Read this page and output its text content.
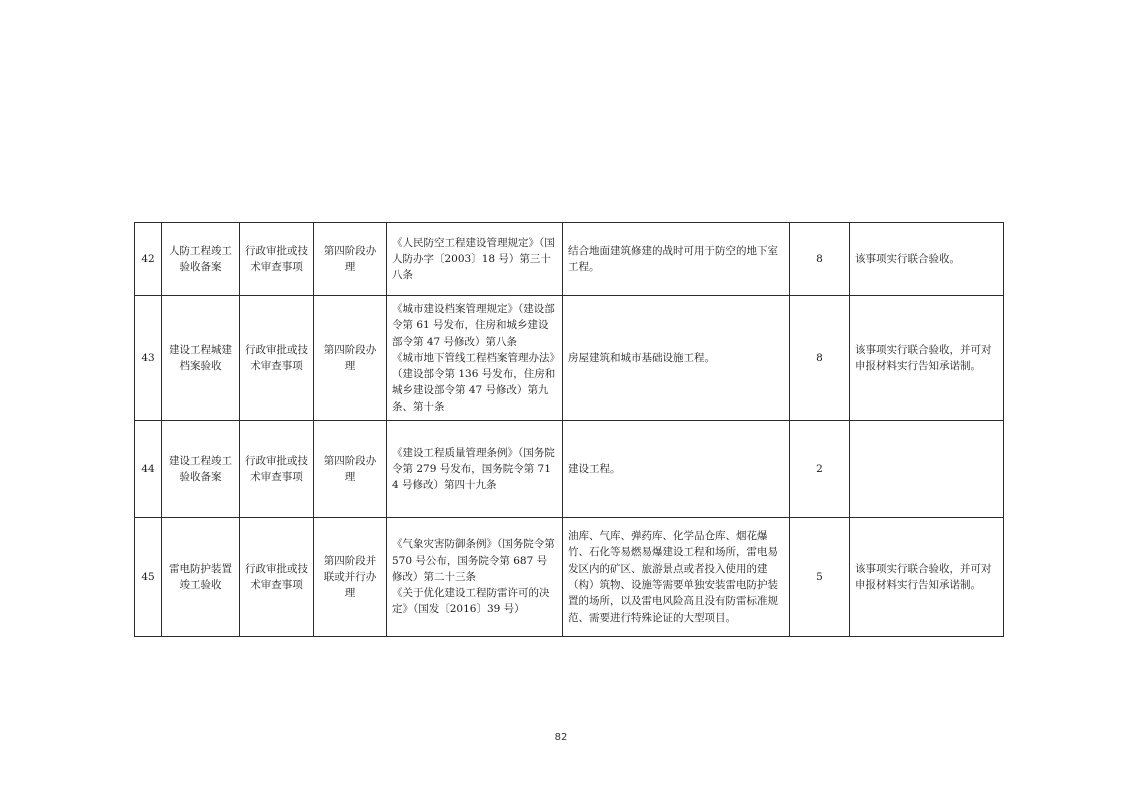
42	人防工程竣工验收备案	行政审批或技术审查事项	第四阶段办理	《人民防空工程建设管理规定》（国人防办字〔2003〕18 号）第三十八条	结合地面建筑修建的战时可用于防空的地下室工程。	8	该事项实行联合验收。
43	建设工程城建档案验收	行政审批或技术审查事项	第四阶段办理	《城市建设档案管理规定》（建设部令第 61 号发布，住房和城乡建设部令第 47 号修改）第八条
《城市地下管线工程档案管理办法》（建设部令第 136 号发布，住房和城乡建设部令第 47 号修改）第九条、第十条	房屋建筑和城市基础设施工程。	8	该事项实行联合验收，并可对申报材料实行告知承诺制。
44	建设工程竣工验收备案	行政审批或技术审查事项	第四阶段办理	《建设工程质量管理条例》（国务院令第 279 号发布，国务院令第 714 号修改）第四十九条	建设工程。	2	
45	雷电防护装置竣工验收	行政审批或技术审查事项	第四阶段并联或并行办理	《气象灾害防御条例》（国务院令第 570 号公布，国务院令第 687 号修改）第二十三条
《关于优化建设工程防雷许可的决定》（国发〔2016〕39 号）	油库、气库、弹药库、化学品仓库、烟花爆竹、石化等易燃易爆建设工程和场所，雷电易发区内的矿区、旅游景点或者投入使用的建（构）筑物、设施等需要单独安装雷电防护装置的场所，以及雷电风险高且没有防雷标准规范、需要进行特殊论证的大型项目。	5	该事项实行联合验收，并可对申报材料实行告知承诺制。
82
